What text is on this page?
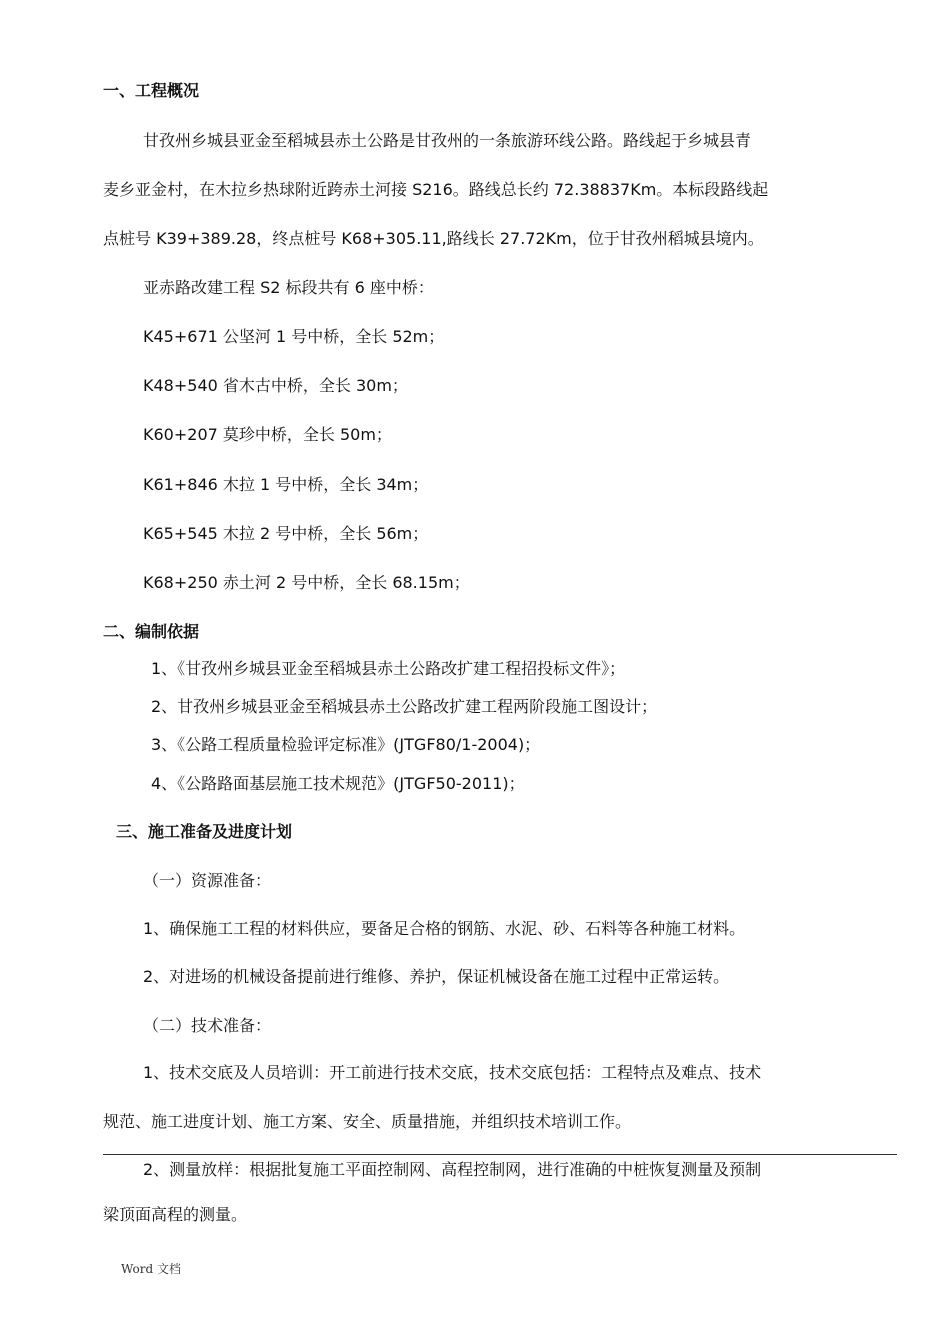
一、工程概况
甘孜州乡城县亚金至稻城县赤土公路是甘孜州的一条旅游环线公路。路线起于乡城县青
麦乡亚金村，在木拉乡热球附近跨赤土河接 S216。路线总长约 72.38837Km。本标段路线起
点桩号 K39+389.28，终点桩号 K68+305.11,路线长 27.72Km，位于甘孜州稻城县境内。
亚赤路改建工程 S2 标段共有 6 座中桥：
K45+671 公坚河 1 号中桥，全长 52m；
K48+540 省木古中桥，全长 30m；
K60+207 莫珍中桥，全长 50m；
K61+846 木拉 1 号中桥，全长 34m；
K65+545 木拉 2 号中桥，全长 56m；
K68+250 赤土河 2 号中桥，全长 68.15m；
二、编制依据
1、《甘孜州乡城县亚金至稻城县赤土公路改扩建工程招投标文件》；
2、甘孜州乡城县亚金至稻城县赤土公路改扩建工程两阶段施工图设计；
3、《公路工程质量检验评定标准》(JTGF80/1-2004)；
4、《公路路面基层施工技术规范》(JTGF50-2011)；
三、施工准备及进度计划
（一）资源准备：
1、确保施工工程的材料供应，要备足合格的钢筋、水泥、砂、石料等各种施工材料。
2、对进场的机械设备提前进行维修、养护，保证机械设备在施工过程中正常运转。
（二）技术准备：
1、技术交底及人员培训：开工前进行技术交底，技术交底包括：工程特点及难点、技术
规范、施工进度计划、施工方案、安全、质量措施，并组织技术培训工作。
2、测量放样：根据批复施工平面控制网、高程控制网，进行准确的中桩恢复测量及预制
梁顶面高程的测量。
Word 文档
